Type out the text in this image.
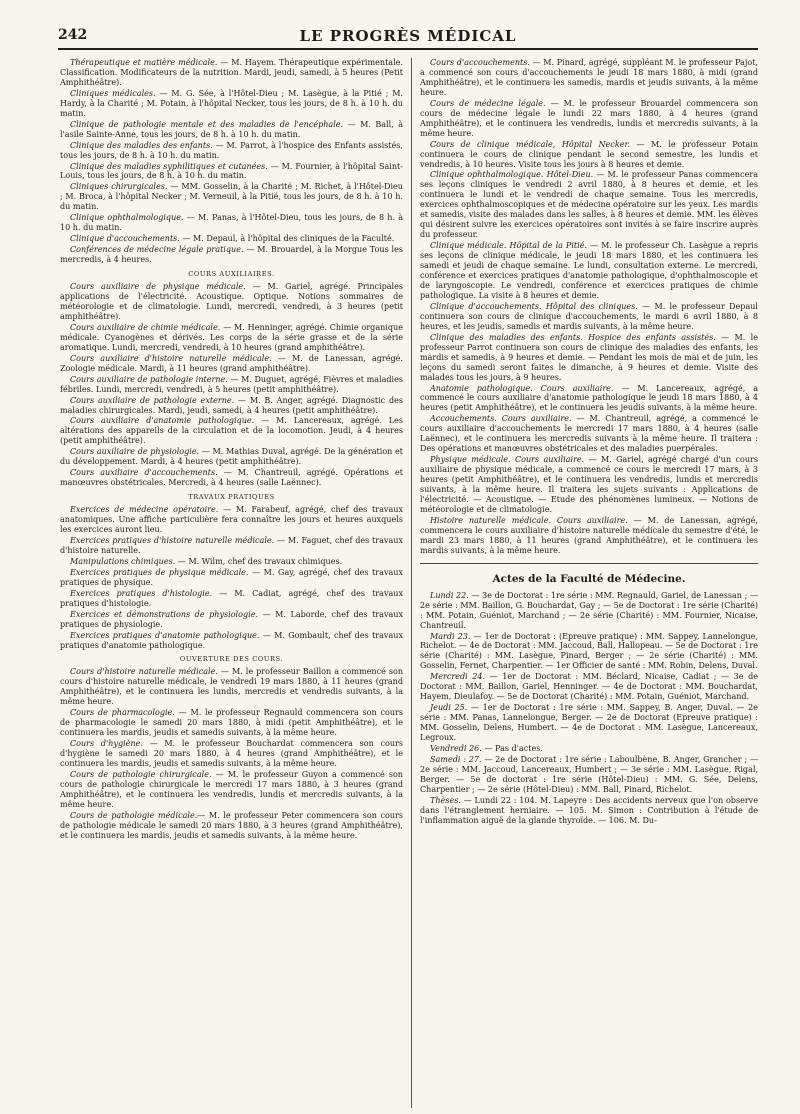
242	LE PROGRÈS MÉDICAL

Thérapeutique et matière médicale. — M. Hayem. Thérapeutique expérimentale. Classification. Modificateurs de la nutrition. Mardi, jeudi, samedi, à 5 heures (Petit Amphithéâtre).

Cliniques médicales. — M. G. Sée, à l'Hôtel-Dieu ; M. Lasègue, à la Pitié ; M. Hardy, à la Charité ; M. Potain, à l'hôpital Necker, tous les jours, de 8 h. à 10 h. du matin.

Clinique de pathologie mentale et des maladies de l'encéphale. — M. Ball, à l'asile Sainte-Anne, tous les jours, de 8 h. à 10 h. du matin.

Clinique des maladies des enfants. — M. Parrot, à l'hospice des Enfants assistés, tous les jours, de 8 h. à 10 h. du matin.

Clinique des maladies syphilitiques et cutanées. — M. Fournier, à l'hôpital Saint-Louis, tous les jours, de 8 h. à 10 h. du matin.

Cliniques chirurgicales. — MM. Gosselin, à la Charité ; M. Richet, à l'Hôtel-Dieu ; M. Broca, à l'hôpital Necker ; M. Verneuil, à la Pitié, tous les jours, de 8 h. à 10 h. du matin.

Clinique ophthalmologique. — M. Panas, à l'Hôtel-Dieu, tous les jours, de 8 h. à 10 h. du matin.

Clinique d'accouchements. — M. Depaul, à l'hôpital des cliniques de la Faculté.

Conférences de médecine légale pratique. — M. Brouardel, à la Morgue Tous les mercredis, à 4 heures.

COURS AUXILIAIRES.

Cours auxiliaire de physique médicale. — M. Gariel, agrégé. Principales applications de l'électricité. Acoustique. Optique. Notions sommaires de météorologie et de climatologie. Lundi, mercredi, vendredi, à 3 heures (petit amphithéâtre).

Cours auxiliaire de chimie médicale. — M. Henninger, agrégé. Chimie organique médicale. Cyanogènes et dérivés. Les corps de la série grasse et de la série aromatique. Lundi, mercredi, vendredi, à 10 heures (grand amphithéâtre).

Cours auxiliaire d'histoire naturelle médicale. — M. de Lanessan, agrégé. Zoologie médicale. Mardi, à 11 heures (grand amphithéâtre).

Cours auxiliaire de pathologie interne. — M. Duguet, agrégé, Fièvres et maladies fébriles. Lundi, mercredi, vendredi, à 5 heures (petit amphithéâtre).

Cours auxiliaire de pathologie externe. — M. B. Anger, agrégé. Diagnostic des maladies chirurgicales. Mardi, jeudi, samedi, à 4 heures (petit amphithéâtre).

Cours auxiliaire d'anatomie pathologique. — M. Lancereaux, agrégé. Les altérations des appareils de la circulation et de la locomotion. Jeudi, à 4 heures (petit amphithéâtre).

Cours auxiliaire de physiologie. — M. Mathias Duval, agrégé. De la génération et du développement. Mardi, à 4 heures (petit amphithéâtre).

Cours auxiliaire d'accouchements. — M. Chantreuil, agrégé. Opérations et manœuvres obstétricales. Mercredi, à 4 heures (salle Laënnec).

TRAVAUX PRATIQUES

Exercices de médecine opératoire. — M. Farabeuf, agrégé, chef des travaux anatomiques. Une affiche particulière fera connaître les jours et heures auxquels les exercices auront lieu.

Exercices pratiques d'histoire naturelle médicale. — M. Faguet, chef des travaux d'histoire naturelle.

Manipulations chimiques. — M. Wilm, chef des travaux chimiques.

Exercices pratiques de physique médicale. — M. Gay, agrégé, chef des travaux pratiques de physique.

Exercices pratiques d'histologie. — M. Cadiat, agrégé, chef des travaux pratiques d'histologie.

Exercices et démonstrations de physiologie. — M. Laborde, chef des travaux pratiques de physiologie.

Exercices pratiques d'anatomie pathologique. — M. Gombault, chef des travaux pratiques d'anatomie pathologique.

OUVERTURE DES COURS.

Cours d'histoire naturelle médicale. — M. le professeur Baillon a commencé son cours d'histoire naturelle médicale, le vendredi 19 mars 1880, à 11 heures (grand Amphithéâtre), et le continuera les lundis, mercredis et vendredis suivants, à la même heure.

Cours de pharmacologie. — M. le professeur Regnauld commencera son cours de pharmacologie le samedi 20 mars 1880, à midi (petit Amphithéâtre), et le continuera les mardis, jeudis et samedis suivants, à la même heure.

Cours d'hygiène. — M. le professeur Bouchardat commencera son cours d'hygiène le samedi 20 mars 1880, à 4 heures (grand Amphithéâtre), et le continuera les mardis, jeudis et samedis suivants, à la même heure.

Cours de pathologie chirurgicale. — M. le professeur Guyon a commencé son cours de pathologie chirurgicale le mercredi 17 mars 1880, à 3 heures (grand Amphithéâtre), et le continuera les vendredis, lundis et mercredis suivants, à la même heure.

Cours de pathologie médicale.— M. le professeur Peter commencera son cours de pathologie médicale le samedi 20 mars 1880, à 3 heures (grand Amphithéâtre), et le continuera les mardis, jeudis et samedis suivants, à la même heure.

Cours d'accouchements. — M. Pinard, agrégé, suppléant M. le professeur Pajot, a commencé son cours d'accouchements le jeudi 18 mars 1880, à midi (grand Amphithéâtre), et le continuera les samedis, mardis et jeudis suivants, à la même heure.

Cours de médecine légale. — M. le professeur Brouardel commencera son cours de médecine légale le lundi 22 mars 1880, à 4 heures (grand Amphithéâtre), et le continuera les vendredis, lundis et mercredis suivants, à la même heure.

Cours de clinique médicale, Hôpital Necker. — M. le professeur Potain continuera le cours de clinique pendant le second semestre, les lundis et vendredis, à 10 heures. Visite tous les jours à 8 heures et demie.

Clinique ophthalmologique. Hôtel-Dieu. — M. le professeur Panas commencera ses leçons cliniques le vendredi 2 avril 1880, à 8 heures et demie, et les continuera le lundi et le vendredi de chaque semaine. Tous les mercredis, exercices ophthalmoscopiques et de médecine opératoire sur les yeux. Les mardis et samedis, visite des malades dans les salles, à 8 heures et demie. MM. les élèves qui désirent suivre les exercices opératoires sont invités à se faire inscrire auprès du professeur.

Clinique médicale. Hôpital de la Pitié. — M. le professeur Ch. Lasègue a repris ses leçons de clinique médicale, le jeudi 18 mars 1880, et les continuera les samedi et jeudi de chaque semaine. Le lundi, consultation externe. Le mercredi, conférence et exercices pratiques d'anatomie pathologique, d'ophthalmoscopie et de laryngoscopie. Le vendredi, conférence et exercices pratiques de chimie pathologique. La visite à 8 heures et demie.

Clinique d'accouchements. Hôpital des cliniques. — M. le professeur Depaul continuera son cours de clinique d'accouchements, le mardi 6 avril 1880, à 8 heures, et les jeudis, samedis et mardis suivants, à la même heure.

Clinique des maladies des enfants. Hospice des enfants assistés. — M. le professeur Parrot continuera son cours de clinique des maladies des enfants, les mardis et samedis, à 9 heures et demie. — Pendant les mois de mai et de juin, les leçons du samedi seront faites le dimanche, à 9 heures et demie. Visite des malades tous les jours, à 9 heures.

Anatomie pathologique. Cours auxiliaire. — M. Lancereaux, agrégé, a commencé le cours auxiliaire d'anatomie pathologique le jeudi 18 mars 1880, à 4 heures (petit Amphithéâtre), et le continuera les jeudis suivants, à la même heure.

Accouchements. Cours auxiliaire. — M. Chantreuil, agrégé, a commencé le cours auxiliaire d'accouchements le mercredi 17 mars 1880, à 4 heures (salle Laënnec), et le continuera les mercredis suivants à la même heure. Il traitera : Des opérations et manœuvres obstétricales et des maladies puerpérales.

Physique médicale. Cours auxiliaire. — M. Gariel, agrégé chargé d'un cours auxiliaire de physique médicale, a commencé ce cours le mercredi 17 mars, à 3 heures (petit Amphithéâtre), et le continuera les vendredis, lundis et mercredis suivants, à la même heure. Il traitera les sujets suivants : Applications de l'électricité. — Acoustique. — Etude des phénomènes lumineux. — Notions de météorologie et de climatologie.

Histoire naturelle médicale. Cours auxiliaire. — M. de Lanessan, agrégé, commencera le cours auxiliaire d'histoire naturelle médicale du semestre d'été, le mardi 23 mars 1880, à 11 heures (grand Amphithéâtre), et le continuera les mardis suivants, à la même heure.

Actes de la Faculté de Médecine.

Lundi 22. — 3e de Doctorat : 1re série : MM. Regnauld, Gariel, de Lanessan ; — 2e série : MM. Baillon, G. Bouchardat, Gay ; — 5e de Doctorat : 1re série (Charité) : MM. Potain, Guéniot, Marchand ; — 2e série (Charité) : MM. Fournier, Nicaise, Chantreuil.

Mardi 23. — 1er de Doctorat : (Epreuve pratique) : MM. Sappey, Lannelongue, Richelot. — 4e de Doctorat : MM. Jaccoud, Ball, Hallopeau. — 5e de Doctorat : 1re série (Charité) : MM. Lasègue, Pinard, Berger ; — 2e série (Charité) : MM. Gosselin, Fernet, Charpentier. — 1er Officier de santé : MM. Robin, Delens, Duval.

Mercredi 24. — 1er de Doctorat : MM. Béclard, Nicaise, Cadiat ; — 3e de Doctorat : MM. Baillon, Gariel, Henninger. — 4e de Doctorat : MM. Bouchardat, Hayem, Dieulafoy. — 5e de Doctorat (Charité) : MM. Potain, Guéniot, Marchand.

Jeudi 25. — 1er de Doctorat : 1re série : MM. Sappey, B. Anger, Duval. — 2e série : MM. Panas, Lannelongue, Berger. — 2e de Doctorat (Epreuve pratique) : MM. Gosselin, Delens, Humbert. — 4e de Doctorat : MM. Lasègue, Lancereaux, Legroux.

Vendredi 26. — Pas d'actes.

Samedi : 27. — 2e de Doctorat : 1re série : Laboulbène, B. Anger, Grancher ; — 2e série : MM. Jaccoud, Lancereaux, Humbert ; — 3e série : MM. Lasègue, Rigal, Berger. — 5e de doctorat : 1re série (Hôtel-Dieu) : MM. G. Sée, Delens, Charpentier ; — 2e série (Hôtel-Dieu) : MM. Ball, Pinard, Richelot.

Thèses. — Lundi 22 : 104. M. Lapeyre : Des accidents nerveux que l'on observe dans l'étranglement herniaire. — 105. M. Simon : Contribution à l'étude de l'inflammation aiguë de la glande thyroïde. — 106. M. Du-
